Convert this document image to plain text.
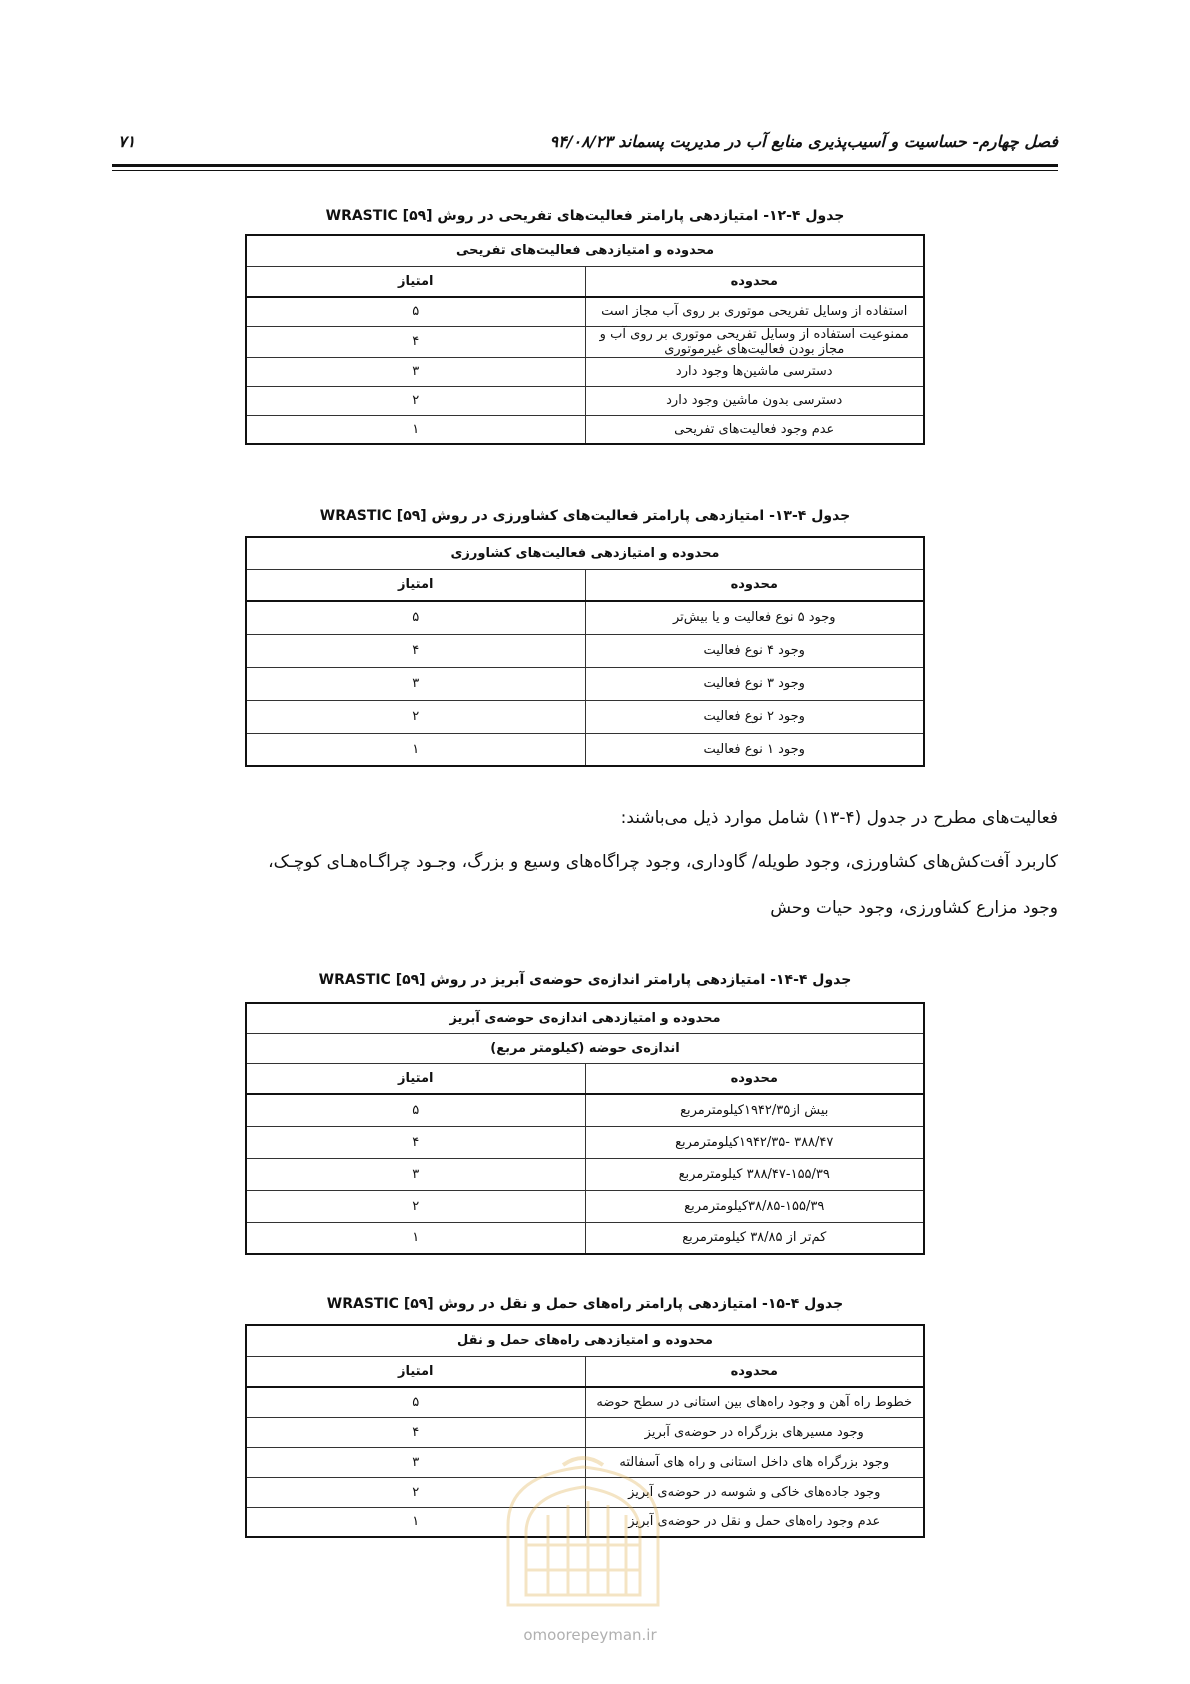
فصل چهارم- حساسیت و آسیب‌پذیری منابع آب در مدیریت پسماند ۹۴/۰۸/۲۳
۷۱
جدول ۴-۱۲- امتیازدهی پارامتر فعالیت‌های تفریحی در روش WRASTIC [۵۹]
محدوده و امتیازدهی فعالیت‌های تفریحی	
محدوده	امتیاز
استفاده از وسایل تفریحی موتوری بر روی آب مجاز است	۵
ممنوعیت استفاده از وسایل تفریحی موتوری بر روی آب و مجاز بودن فعالیت‌های غیرموتوری	۴
دسترسی ماشین‌ها وجود دارد	۳
دسترسی بدون ماشین وجود دارد	۲
عدم وجود فعالیت‌های تفریحی	۱
جدول ۴-۱۳- امتیازدهی پارامتر فعالیت‌های کشاورزی در روش WRASTIC [۵۹]
محدوده و امتیازدهی فعالیت‌های کشاورزی	
محدوده	امتیاز
وجود ۵ نوع فعالیت و یا بیش‌تر	۵
وجود ۴ نوع فعالیت	۴
وجود ۳ نوع فعالیت	۳
وجود ۲ نوع فعالیت	۲
وجود ۱ نوع فعالیت	۱
فعالیت‌های مطرح در جدول (۴-۱۳) شامل موارد ذیل می‌باشند:
کاربرد آفت‌کش‌های کشاورزی، وجود طویله/ گاوداری، وجود چراگاه‌های وسیع و بزرگ، وجـود چراگـاه‌هـای کوچـک،
وجود مزارع کشاورزی، وجود حیات وحش
جدول ۴-۱۴- امتیازدهی پارامتر اندازه‌ی حوضه‌ی آبریز در روش WRASTIC [۵۹]
محدوده و امتیازدهی اندازه‌ی حوضه‌ی آبریز	
اندازه‌ی حوضه (کیلومتر مربع)	
محدوده	امتیاز
بیش از۱۹۴۲/۳۵کیلومترمربع	۵
۳۸۸/۴۷ -۱۹۴۲/۳۵کیلومترمربع	۴
۳۸۸/۴۷-۱۵۵/۳۹ کیلومترمربع	۳
۳۸/۸۵-۱۵۵/۳۹کیلومترمربع	۲
کم‌تر از ۳۸/۸۵ کیلومترمربع	۱
جدول ۴-۱۵- امتیازدهی پارامتر راه‌های حمل و نقل در روش WRASTIC [۵۹]
محدوده و امتیازدهی راه‌های حمل و نقل	
محدوده	امتیاز
خطوط راه آهن و وجود راه‌های بین استانی در سطح حوضه	۵
وجود مسیرهای بزرگراه در حوضه‌ی آبریز	۴
وجود بزرگراه های داخل استانی و راه های آسفالته	۳
وجود جاده‌های خاکی و شوسه در حوضه‌ی آبریز	۲
عدم وجود راه‌های حمل و نقل در حوضه‌ی آبریز	۱
omoorepeyman.ir
